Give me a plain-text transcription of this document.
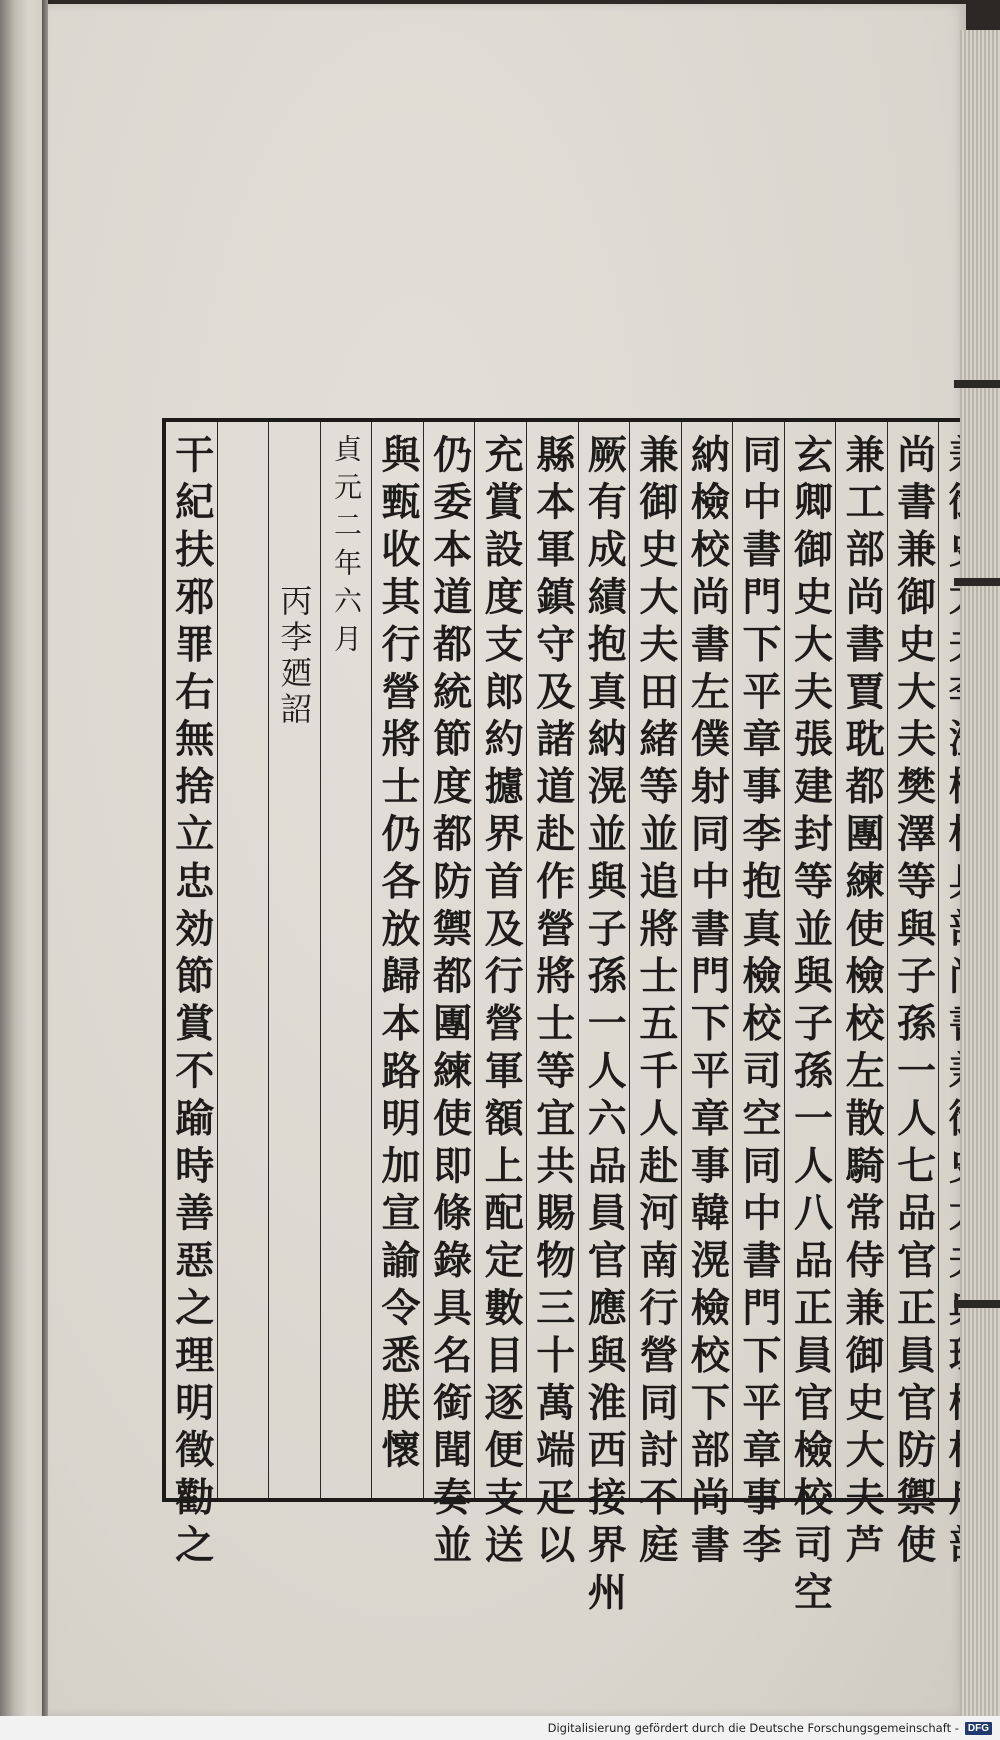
尚書兼御史大夫樊澤等與子孫一人七品官正員官防禦使
兼工部尚書賈耽都團練使檢校左散騎常侍兼御史大夫芦
玄卿御史大夫張建封等並與子孫一人八品正員官檢校司空
同中書門下平章事李抱真檢校司空同中書門下平章事李
納檢校尚書左僕射同中書門下平章事韓滉檢校下部尚書
兼御史大夫田緒等並追將士五千人赴河南行營同討不庭
厥有成績抱真納滉並與子孫一人六品員官應與淮西接界州
縣本軍鎮守及諸道赴作營將士等宜共賜物三十萬端疋以
充賞設度支郎約攄界首及行營軍額上配定數目逐便支送
仍委本道都統節度都防禦都團練使即條錄具名銜聞奏並
與甄收其行營將士仍各放歸本路明加宣諭令悉朕懷
貞元二年六月
丙李廼詔
干紀扶邪罪右無捨立忠効節賞不踰時善惡之理明徵勸之
Digitalisierung gefördert durch die Deutsche Forschungsgemeinschaft - DFG
